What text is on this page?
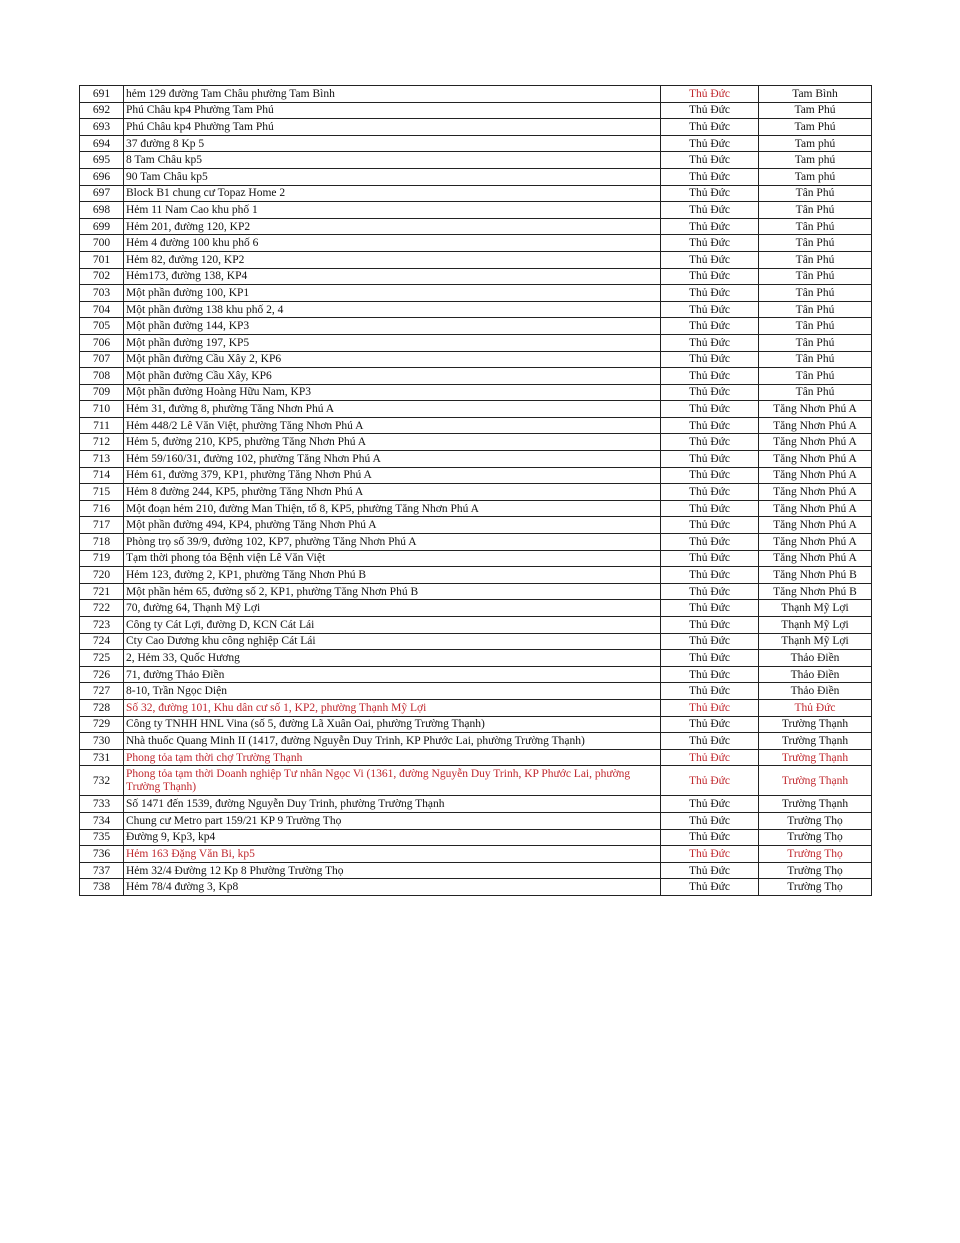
691	hẻm 129 đường Tam Châu phường Tam Bình	Thủ Đức	Tam Bình
692	Phú Châu kp4 Phường Tam Phú	Thủ Đức	Tam Phú
693	Phú Châu kp4 Phường Tam Phú	Thủ Đức	Tam Phú
694	37 đường 8 Kp 5	Thủ Đức	Tam phú
695	8 Tam Châu kp5	Thủ Đức	Tam phú
696	90 Tam Châu kp5	Thủ Đức	Tam phú
697	Block B1 chung cư Topaz Home 2	Thủ Đức	Tân Phú
698	Hẻm 11 Nam Cao khu phố 1	Thủ Đức	Tân Phú
699	Hẻm 201, đường 120, KP2	Thủ Đức	Tân Phú
700	Hẻm 4 đường 100 khu phố 6	Thủ Đức	Tân Phú
701	Hẻm 82, đường 120, KP2	Thủ Đức	Tân Phú
702	Hẻm173, đường 138, KP4	Thủ Đức	Tân Phú
703	Một phần đường 100, KP1	Thủ Đức	Tân Phú
704	Một phần đường 138 khu phố 2, 4	Thủ Đức	Tân Phú
705	Một phần đường 144, KP3	Thủ Đức	Tân Phú
706	Một phần đường 197, KP5	Thủ Đức	Tân Phú
707	Một phần đường Cầu Xây 2, KP6	Thủ Đức	Tân Phú
708	Một phần đường Cầu Xây, KP6	Thủ Đức	Tân Phú
709	Một phần đường Hoàng Hữu Nam, KP3	Thủ Đức	Tân Phú
710	Hẻm 31, đường 8, phường Tăng Nhơn Phú A	Thủ Đức	Tăng Nhơn Phú A
711	Hẻm 448/2 Lê Văn Việt, phường Tăng Nhơn Phú A	Thủ Đức	Tăng Nhơn Phú A
712	Hẻm 5, đường 210, KP5, phường Tăng Nhơn Phú A	Thủ Đức	Tăng Nhơn Phú A
713	Hẻm 59/160/31, đường 102, phường Tăng Nhơn Phú A	Thủ Đức	Tăng Nhơn Phú A
714	Hẻm 61, đường 379, KP1, phường Tăng Nhơn Phú A	Thủ Đức	Tăng Nhơn Phú A
715	Hẻm 8 đường 244, KP5, phường Tăng Nhơn Phú A	Thủ Đức	Tăng Nhơn Phú A
716	Một đoạn hẻm 210, đường Man Thiện, tổ 8, KP5, phường Tăng Nhơn Phú A	Thủ Đức	Tăng Nhơn Phú A
717	Một phần đường 494, KP4, phường Tăng Nhơn Phú A	Thủ Đức	Tăng Nhơn Phú A
718	Phòng trọ số 39/9, đường 102, KP7, phường Tăng Nhơn Phú A	Thủ Đức	Tăng Nhơn Phú A
719	Tạm thời phong tỏa Bệnh viện Lê Văn Việt	Thủ Đức	Tăng Nhơn Phú A
720	Hẻm 123, đường 2, KP1, phường Tăng Nhơn Phú B	Thủ Đức	Tăng Nhơn Phú B
721	Một phần hẻm 65, đường số 2, KP1, phường Tăng Nhơn Phú B	Thủ Đức	Tăng Nhơn Phú B
722	70, đường 64, Thạnh Mỹ Lợi	Thủ Đức	Thạnh Mỹ Lợi
723	Công ty Cát Lợi, đường D, KCN Cát Lái	Thủ Đức	Thạnh Mỹ Lợi
724	Cty Cao Dương khu công nghiệp Cát Lái	Thủ Đức	Thạnh Mỹ Lợi
725	2, Hẻm 33, Quốc Hương	Thủ Đức	Thảo Điền
726	71, đường Thảo Điền	Thủ Đức	Thảo Điền
727	8-10, Trần Ngọc Diện	Thủ Đức	Thảo Điền
728	Số 32, đường 101, Khu dân cư số 1, KP2, phường Thạnh Mỹ Lợi	Thủ Đức	Thủ Đức
729	Công ty TNHH HNL Vina (số 5, đường Lã Xuân Oai, phường Trường Thạnh)	Thủ Đức	Trường Thạnh
730	Nhà thuốc Quang Minh II (1417, đường Nguyễn Duy Trinh, KP Phước Lai, phường Trường Thạnh)	Thủ Đức	Trường Thạnh
731	Phong tỏa tạm thời chợ Trường Thạnh	Thủ Đức	Trường Thạnh
732	Phong tỏa tạm thời Doanh nghiệp Tư nhân Ngọc Vi (1361, đường Nguyễn Duy Trinh, KP Phước Lai, phường Trường Thạnh)	Thủ Đức	Trường Thạnh
733	Số 1471 đến 1539, đường Nguyễn Duy Trinh, phường Trường Thạnh	Thủ Đức	Trường Thạnh
734	Chung cư Metro part 159/21 KP 9 Trường Thọ	Thủ Đức	Trường Thọ
735	Đường 9, Kp3, kp4	Thủ Đức	Trường Thọ
736	Hẻm 163 Đặng Văn Bi, kp5	Thủ Đức	Trường Thọ
737	Hẻm 32/4 Đường 12 Kp 8 Phường Trường Thọ	Thủ Đức	Trường Thọ
738	Hẻm 78/4 đường 3, Kp8	Thủ Đức	Trường Thọ
